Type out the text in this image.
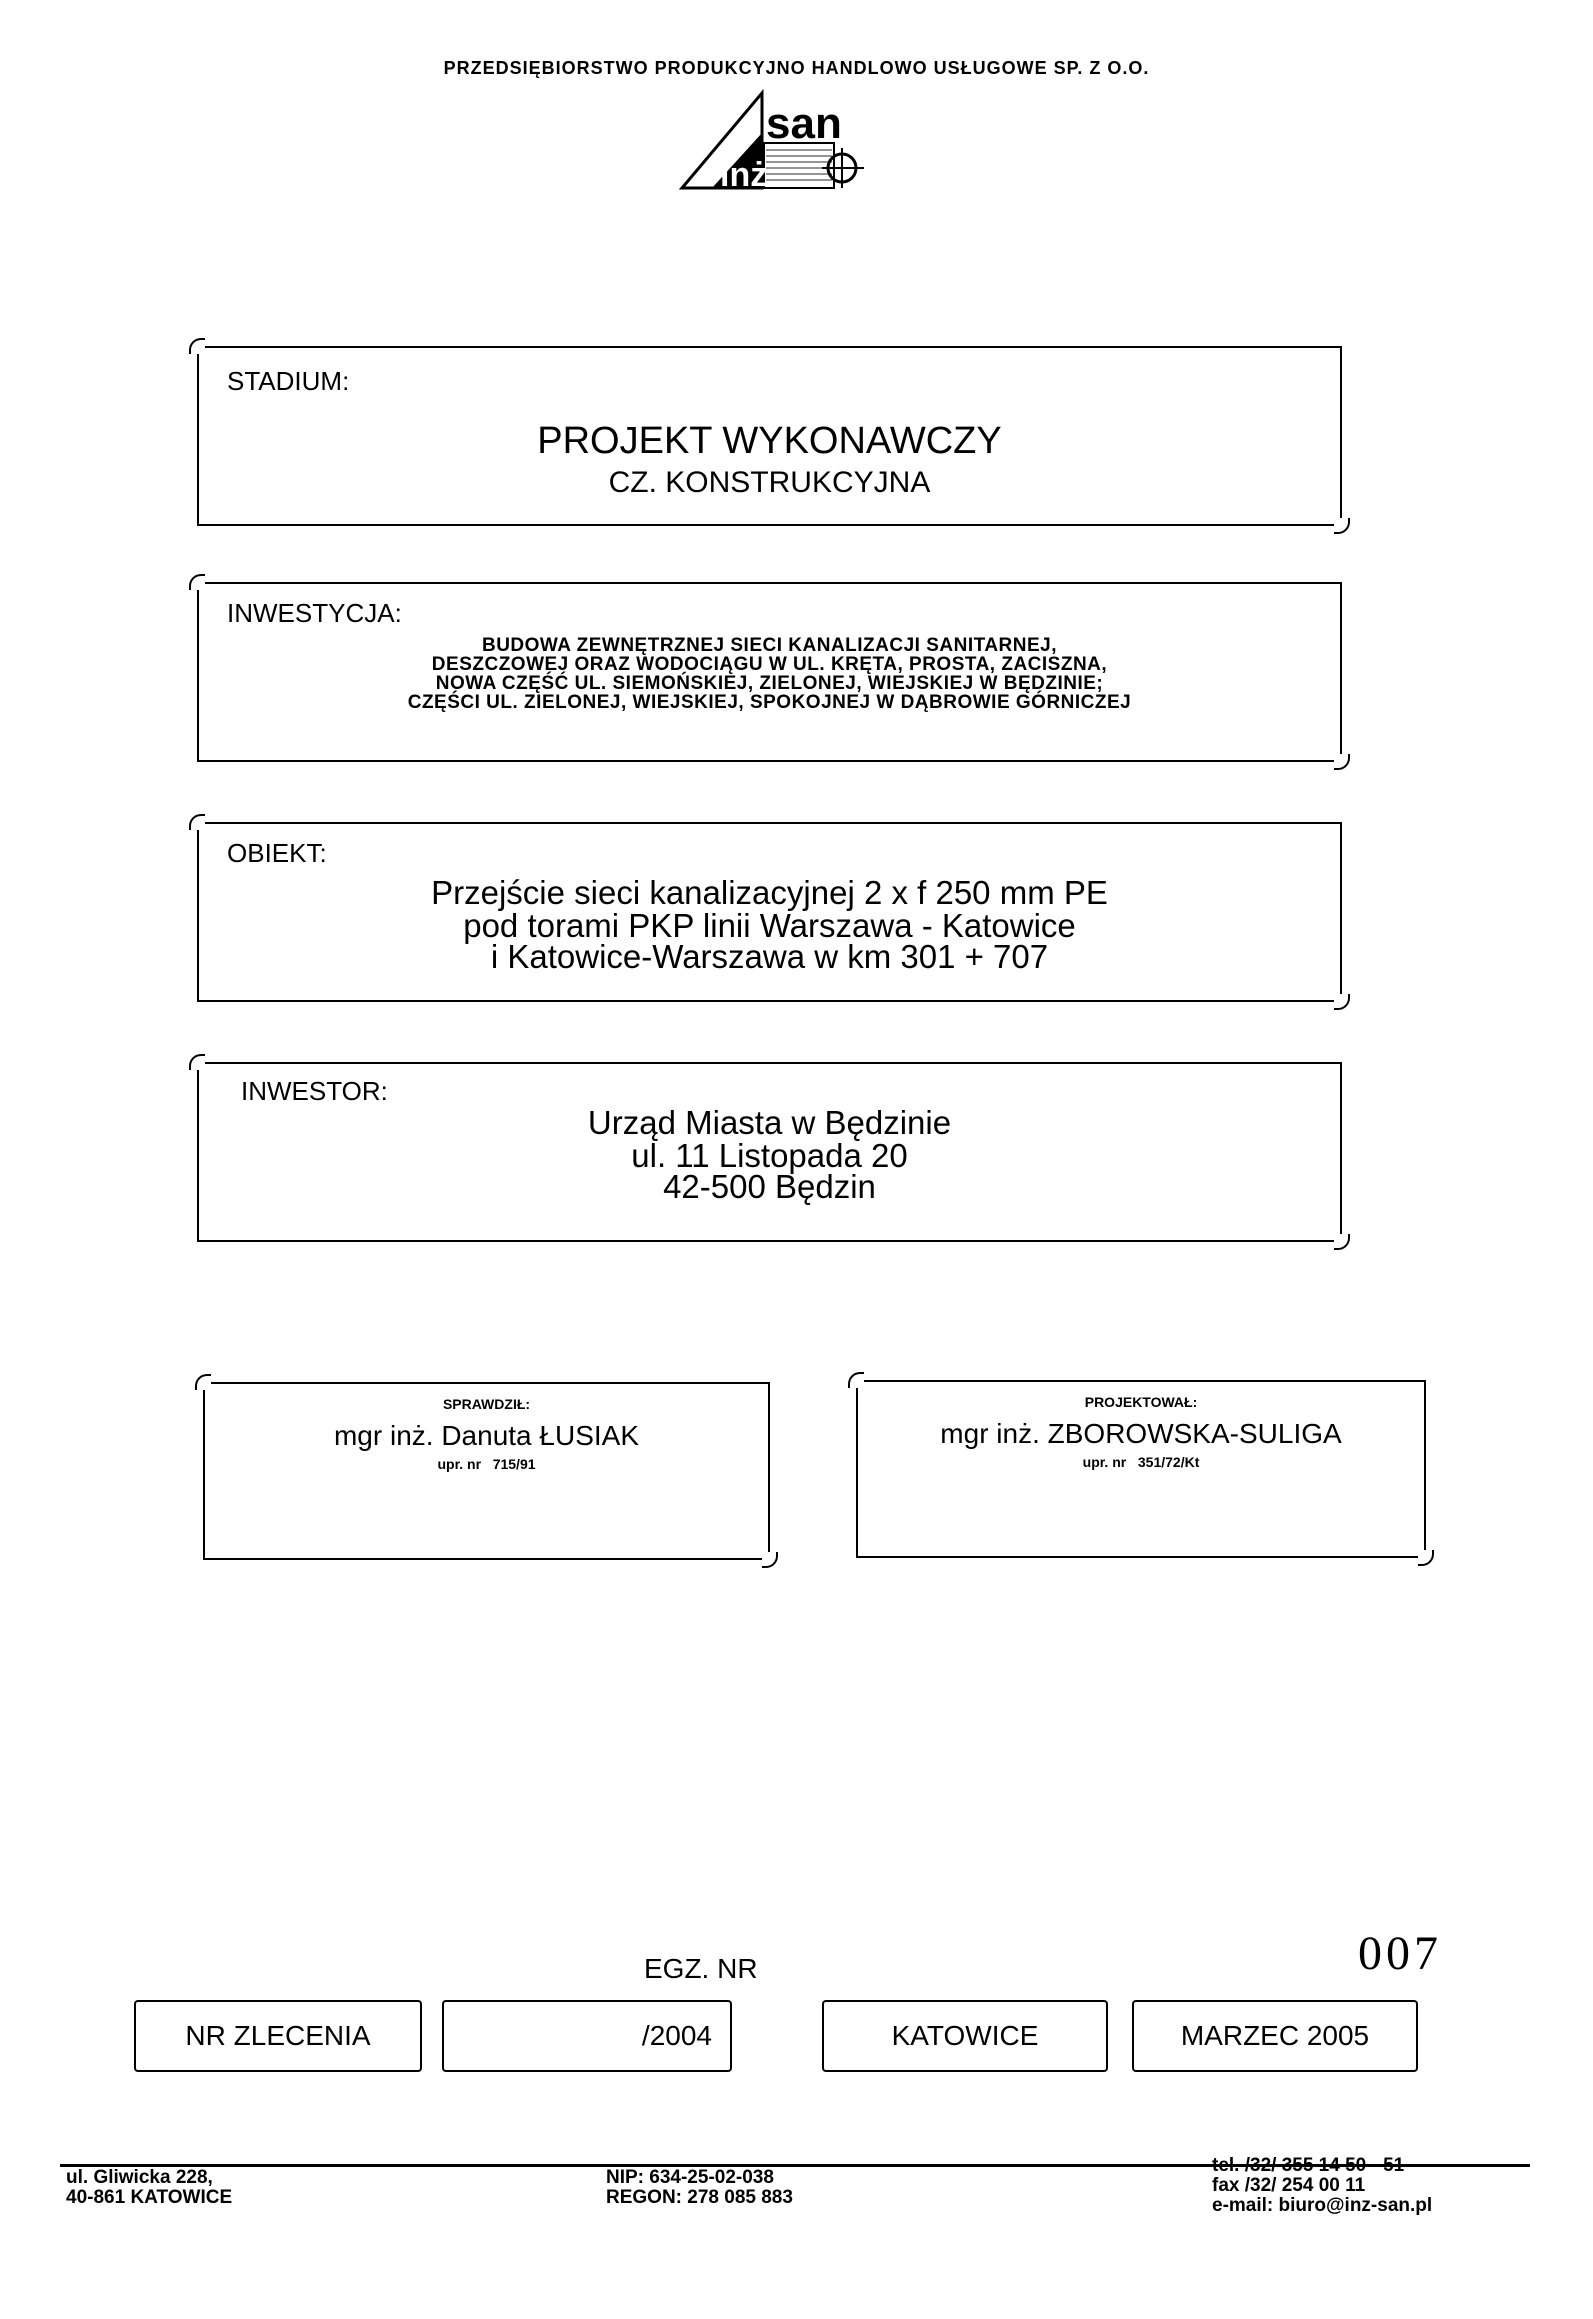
PRZEDSIĘBIORSTWO PRODUKCYJNO HANDLOWO USŁUGOWE SP. Z O.O.
san
inż
STADIUM:
PROJEKT WYKONAWCZY
CZ. KONSTRUKCYJNA
INWESTYCJA:
BUDOWA ZEWNĘTRZNEJ SIECI KANALIZACJI SANITARNEJ,
DESZCZOWEJ ORAZ WODOCIĄGU W UL. KRĘTA, PROSTA, ZACISZNA,
NOWA CZĘŚĆ UL. SIEMOŃSKIEJ, ZIELONEJ, WIEJSKIEJ W BĘDZINIE;
CZĘŚCI UL. ZIELONEJ, WIEJSKIEJ, SPOKOJNEJ W DĄBROWIE GÓRNICZEJ
OBIEKT:
Przejście sieci kanalizacyjnej 2 x f 250 mm PE
pod torami PKP linii Warszawa - Katowice
i Katowice-Warszawa w km 301 + 707
INWESTOR:
Urząd Miasta w Będzinie
ul. 11 Listopada 20
42-500 Będzin
SPRAWDZIŁ:
mgr inż. Danuta ŁUSIAK
upr. nr 715/91
PROJEKTOWAŁ:
mgr inż. ZBOROWSKA-SULIGA
upr. nr 351/72/Kt
EGZ. NR	007
NR ZLECENIA	/2004	KATOWICE	MARZEC 2005
ul. Gliwicka 228,
40-861 KATOWICE
NIP: 634-25-02-038
REGON: 278 085 883
tel. /32/ 355 14 50 - 51
fax /32/ 254 00 11
e-mail: biuro@inz-san.pl
